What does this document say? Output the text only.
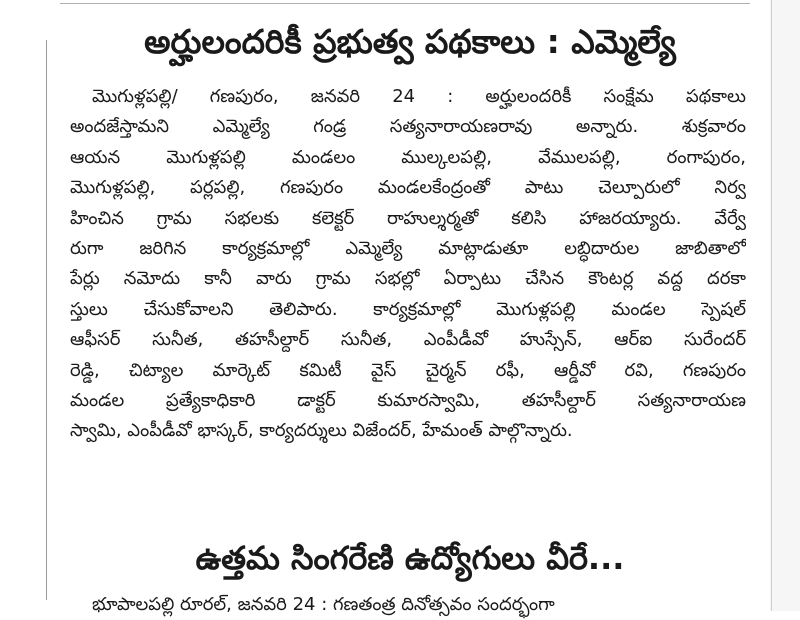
అర్హులందరికీ ప్రభుత్వ పథకాలు : ఎమ్మెల్యే
మొగుళ్లపల్లి/ గణపురం, జనవరి 24 : అర్హులందరికీ సంక్షేమ పథకాలు
అందజేస్తామని ఎమ్మెల్యే గండ్ర సత్యనారాయణరావు అన్నారు. శుక్రవారం
ఆయన మొగుళ్లపల్లి మండలం ముల్కలపల్లి, వేములపల్లి, రంగాపురం,
మొగుళ్లపల్లి, పర్లపల్లి, గణపురం మండలకేంద్రంతో పాటు చెల్పూరులో నిర్వ
హించిన గ్రామ సభలకు కలెక్టర్ రాహుల్శర్మతో కలిసి హాజరయ్యారు. వేర్వే
రుగా జరిగిన కార్యక్రమాల్లో ఎమ్మెల్యే మాట్లాడుతూ లబ్ధిదారుల జాబితాలో
పేర్లు నమోదు కానీ వారు గ్రామ సభల్లో ఏర్పాటు చేసిన కౌంటర్ల వద్ద దరకా
స్తులు చేసుకోవాలని తెలిపారు. కార్యక్రమాల్లో మొగుళ్లపల్లి మండల స్పెషల్
ఆఫీసర్ సునీత, తహసీల్దార్ సునీత, ఎంపీడీవో హుస్సేన్, ఆర్ఐ సురేందర్
రెడ్డి, చిట్యాల మార్కెట్ కమిటీ వైస్ చైర్మన్ రఫీ, ఆర్డీవో రవి, గణపురం
మండల ప్రత్యేకాధికారి డాక్టర్ కుమారస్వామి, తహసీల్దార్ సత్యనారాయణ
స్వామి, ఎంపీడీవో భాస్కర్, కార్యదర్శులు విజేందర్, హేమంత్ పాల్గొన్నారు.
ఉత్తమ సింగరేణి ఉద్యోగులు వీరే...
భూపాలపల్లి రూరల్, జనవరి 24 : గణతంత్ర దినోత్సవం సందర్భంగా
